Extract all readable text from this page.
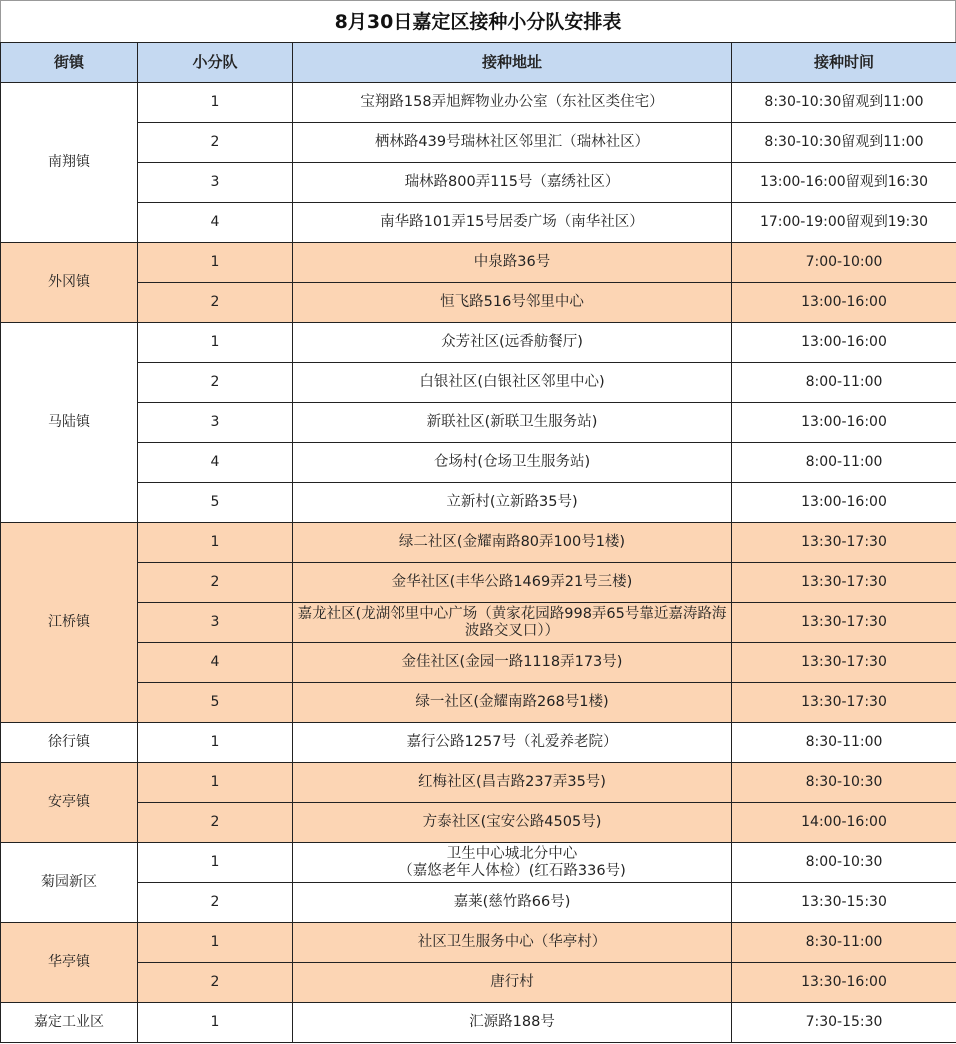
8月30日嘉定区接种小分队安排表
街镇	小分队	接种地址	接种时间
南翔镇	1	宝翔路158弄旭辉物业办公室（东社区类住宅）	8:30-10:30留观到11:00
	2	栖林路439号瑞林社区邻里汇（瑞林社区）	8:30-10:30留观到11:00
	3	瑞林路800弄115号（嘉绣社区）	13:00-16:00留观到16:30
	4	南华路101弄15号居委广场（南华社区）	17:00-19:00留观到19:30
外冈镇	1	中泉路36号	7:00-10:00
	2	恒飞路516号邻里中心	13:00-16:00
马陆镇	1	众芳社区(远香舫餐厅)	13:00-16:00
	2	白银社区(白银社区邻里中心)	8:00-11:00
	3	新联社区(新联卫生服务站)	13:00-16:00
	4	仓场村(仓场卫生服务站)	8:00-11:00
	5	立新村(立新路35号)	13:00-16:00
江桥镇	1	绿二社区(金耀南路80弄100号1楼)	13:30-17:30
	2	金华社区(丰华公路1469弄21号三楼)	13:30-17:30
	3	嘉龙社区(龙湖邻里中心广场（黄家花园路998弄65号靠近嘉涛路海波路交叉口））	13:30-17:30
	4	金佳社区(金园一路1118弄173号)	13:30-17:30
	5	绿一社区(金耀南路268号1楼)	13:30-17:30
徐行镇	1	嘉行公路1257号（礼爱养老院）	8:30-11:00
安亭镇	1	红梅社区(昌吉路237弄35号)	8:30-10:30
	2	方泰社区(宝安公路4505号)	14:00-16:00
菊园新区	1	卫生中心城北分中心
（嘉悠老年人体检）(红石路336号)	8:00-10:30
	2	嘉莱(慈竹路66号)	13:30-15:30
华亭镇	1	社区卫生服务中心（华亭村）	8:30-11:00
	2	唐行村	13:30-16:00
嘉定工业区	1	汇源路188号	7:30-15:30
